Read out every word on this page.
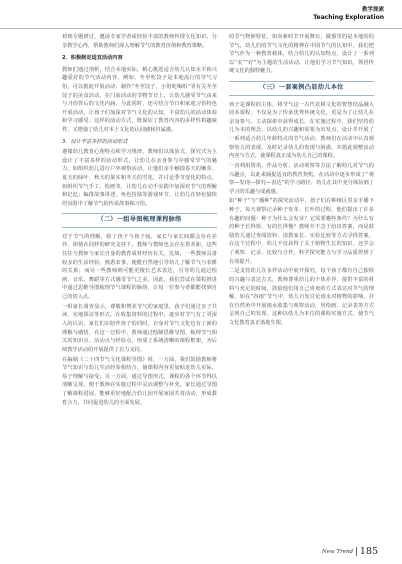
教学探索
Teaching Exploration

初到专题研讨，邀请专家学者或经验丰富的教师传授文化知识，分享教学心得，帮助教师们深入理解节气的教育价值和教育策略。

2．积极制定适宜活动内容

教师们通过剖析，结合本地实际，精心挑选适合幼儿认知水平和兴趣爱好的节气活动内容。例如，冬至吃饺子是本地流行的节气习俗，可以据此开展活动：制作“冬至饺子，小馆吃喝组”等有关冬至饺子的美食活动。在门前活动的节物节日上，让幼儿感受节气由来与习俗背后的文化内涵。与此同时，还可结合节日和家庭习俗特色开展活动，让孩子们加深对节气文化的认知，丰富幼儿的活动体验和学习感受。这样的活动方式，既保证了教育内容的多样性和趣味性，又增强了幼儿对本土文化的认同感和归属感。

3．设计丰富多样的活动形式

遵循幼儿教育心理特点和学习规律，教师们以体验式、探究式为主设计了丰富多样的活动形式，让幼儿在亲身参与中感受节气的魅力。如组织幼儿进行户外观察活动，让他们亲手触摸春天的嫩芽、夏天的绿叶、秋天的果实和冬天的雪花，并讨论季节变化的特点。如组织节气手工、绘画等，让幼儿在动手实践中加深对节气的理解和记忆；编排故事讲述、角色扮演等游戏环节，让幼儿在轻松愉快的氛围中了解节气的传说故事和习俗。

（二）一组导图梳理课程脉络

对于节气的理解，除了孩子与孩子间，家长与家长间都会存在差异，即使在同样的研究支持下，教师与教师也会存在着差距。这些往往与教师与家长自身的教育成材经历有关。比如，一些教师具备较多的生活经验，熟悉农事，便能自然地引导幼儿了解节气与农耕的关系；而另一些教师则可能更擅长艺术表达，引导幼儿通过绘画、音乐、舞蹈等方式感受节气之美。因此，我们尝试在课程推进中通过思维导图梳理节气课程的脉络，让每一位参与者都能找到自己的切入点。

一组家长调查显示，尊敬和赞美节气的家庭里，孩子们通过亲子共读、实地探访等形式，在收集资料的过程中，逐步对节气有了更深入的认识。家长们在陪伴孩子的同时，自身对节气文化也有了新的理解与感悟。在这一过程中，教师通过绘制思维导图，梳理节气相关的知识点、活动点与经验点，形成了系统清晰的课程框架，为后续教学活动的开展提供了有力支持。

在编制《二十四节气文化课程导图》时，一方面，我们鼓励教师将节气知识与幼儿生活经验相结合，使课程内容更加贴近幼儿实际，易于理解与接受；另一方面，通过导图形式，课程的各个环节得以清晰呈现，便于教师在实施过程中灵活调整与补充。家长通过导图了解课程进展，能够更好地配合幼儿园开展家园共育活动，形成教育合力，共同促进幼儿的全面发展。

的节气物候特征，如向新时节开展舞台，做那里的是本地的的节气，幼儿们的节气文化的精神在中国节气的认知中。我们把节气作为一种教育载体，结合幼儿的认知特点，设计了一系列以“美”“好”为主题的生活活动。让他们学习节气知识，领悟传统文化的独特魅力。

（三）一套案例凸显幼儿本位

孩子是课程的主体。将节气这一古代农耕文化的智慧结晶融入园本课程，不仅是为了传承优秀传统文化，更是为了让幼儿在亲身参与、主动探索中获得成长。在实施过程中，我们坚持幼儿为本的理念，以幼儿的兴趣和需要为出发点，设计并开展了一系列适合幼儿年龄特点的节气活动。教师们在活动中认真观察幼儿的表现，及时记录幼儿的发现与困惑，并据此调整活动内容与方式，使课程真正成为幼儿自己的课程。

一直利用资讯，作品分析、活动观察等方法了解幼儿对节气的兴趣点，以此来捕捉适宜的教育契机。在活动中逐步形成了“观察—发现—探究—表达”的学习路径，幼儿在其中充分体验到了学习的乐趣与成就感。

如“种子”与“播种”的探究活动中，孩子们在种植区里亲手播下种子，每天观察记录种子发芽、长叶的过程。他们提出了许多有趣的问题：种子为什么会发芽？它需要哪些条件？为什么有的种子长得快、有的长得慢？教师并不急于给出答案，而是鼓励幼儿通过查阅资料、请教家长、实验比较等方式寻找答案。在这个过程中，幼儿不仅获得了关于植物生长的知识，还学会了观察、记录、比较与合作，科学探究能力与学习品质得到了有效提升。

二是支持幼儿在多样活动中展开探究，每个孩子都有自己独特的兴趣与表达方式，教师尊重幼儿的个体差异，提供丰富的材料与充足的时间，鼓励他们用自己喜欢的方式表达对节气的理解。如在“谷雨”节气中，幼儿自发讨论雨水对植物的影响，并在自然角中开展雨水收集与观察活动，用绘画、记录表等方式呈现自己的发现。这种以幼儿为本位的课程实施方式，使节气文化教育真正落地生根。

New Trend 185
